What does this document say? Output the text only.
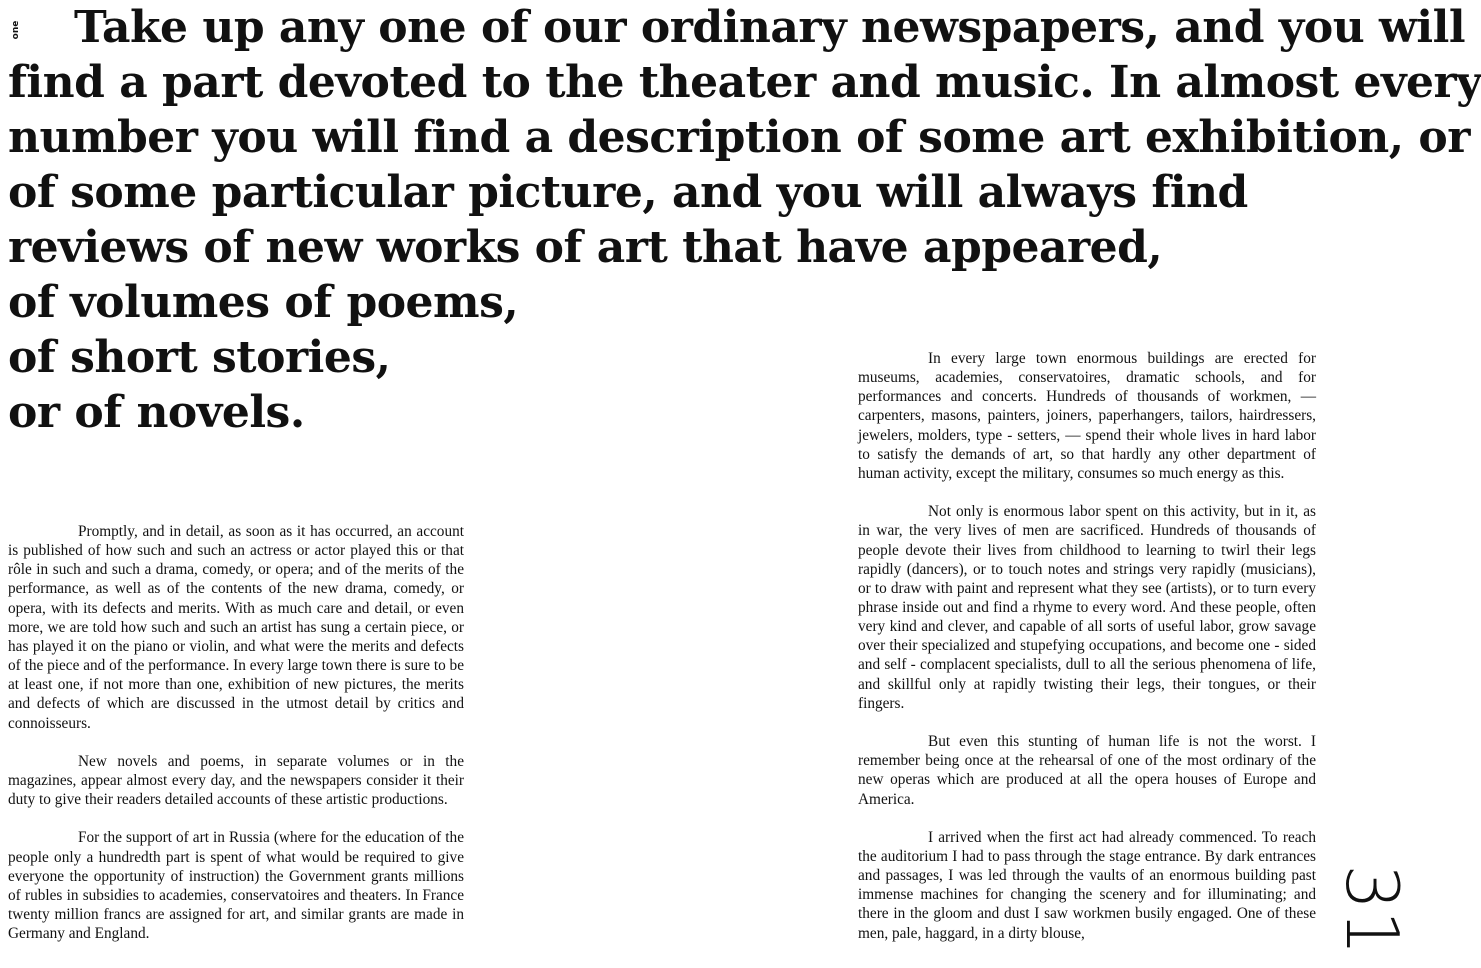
one	Take up any one of our ordinary newspapers, and you will
find a part devoted to the theater and music. In almost every
number you will find a description of some art exhibition, or
of some particular picture, and you will always find
reviews of new works of art that have appeared,
of volumes of poems,
of short stories,
or of novels.

Promptly, and in detail, as soon as it has occurred, an account is published of how such and such an actress or actor played this or that rôle in such and such a drama, comedy, or opera; and of the merits of the performance, as well as of the contents of the new drama, comedy, or opera, with its defects and merits. With as much care and detail, or even more, we are told how such and such an artist has sung a certain piece, or has played it on the piano or violin, and what were the merits and defects of the piece and of the performance. In every large town there is sure to be at least one, if not more than one, exhibition of new pictures, the merits and defects of which are discussed in the utmost detail by critics and connoisseurs.

New novels and poems, in separate volumes or in the magazines, appear almost every day, and the newspapers consider it their duty to give their readers detailed accounts of these artistic productions.

For the support of art in Russia (where for the education of the people only a hundredth part is spent of what would be required to give everyone the opportunity of instruction) the Government grants millions of rubles in subsidies to academies, conservatoires and theaters. In France twenty million francs are assigned for art, and similar grants are made in Germany and England.

In every large town enormous buildings are erected for museums, academies, conservatoires, dramatic schools, and for performances and concerts. Hundreds of thousands of workmen, — carpenters, masons, painters, joiners, paperhangers, tailors, hairdressers, jewelers, molders, type - setters, — spend their whole lives in hard labor to satisfy the demands of art, so that hardly any other department of human activity, except the military, consumes so much energy as this.

Not only is enormous labor spent on this activity, but in it, as in war, the very lives of men are sacrificed. Hundreds of thousands of people devote their lives from childhood to learning to twirl their legs rapidly (dancers), or to touch notes and strings very rapidly (musicians), or to draw with paint and represent what they see (artists), or to turn every phrase inside out and find a rhyme to every word. And these people, often very kind and clever, and capable of all sorts of useful labor, grow savage over their specialized and stupefying occupations, and become one - sided and self - complacent specialists, dull to all the serious phenomena of life, and skillful only at rapidly twisting their legs, their tongues, or their fingers.

But even this stunting of human life is not the worst. I remember being once at the rehearsal of one of the most ordinary of the new operas which are produced at all the opera houses of Europe and America.

I arrived when the first act had already commenced. To reach the auditorium I had to pass through the stage entrance. By dark entrances and passages, I was led through the vaults of an enormous building past immense machines for changing the scenery and for illuminating; and there in the gloom and dust I saw workmen busily engaged. One of these men, pale, haggard, in a dirty blouse,	31
